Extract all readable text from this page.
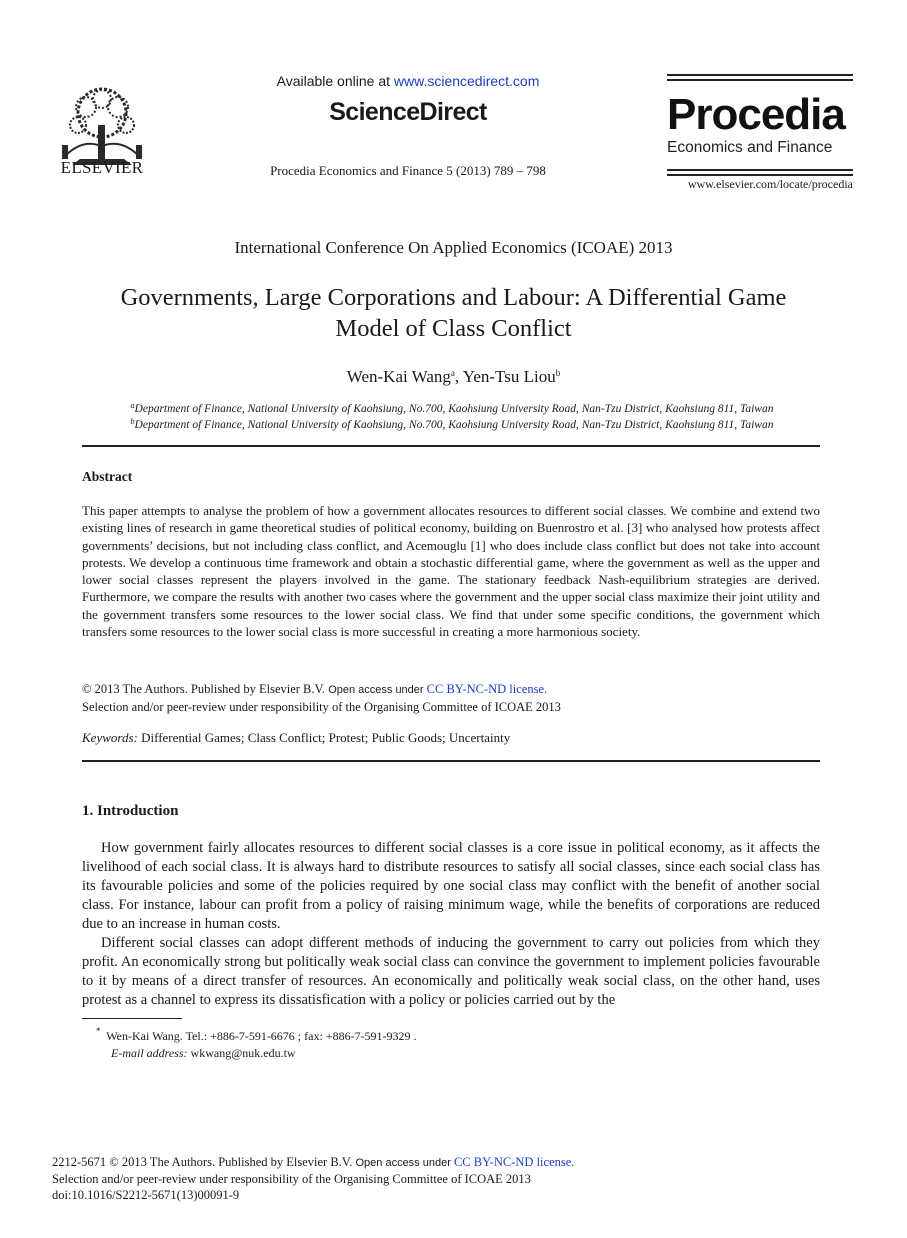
ELSEVIER
Available online at www.sciencedirect.com
ScienceDirect
Procedia Economics and Finance 5 (2013) 789 – 798
Procedia
Economics and Finance
www.elsevier.com/locate/procedia
International Conference On Applied Economics (ICOAE) 2013
Governments, Large Corporations and Labour: A Differential Game
Model of Class Conflict
Wen-Kai Wang$^a$, Yen-Tsu Liou$^b$
$^a$Department of Finance, National University of Kaohsiung, No.700, Kaohsiung University Road, Nan-Tzu District, Kaohsiung 811, Taiwan
$^b$Department of Finance, National University of Kaohsiung, No.700, Kaohsiung University Road, Nan-Tzu District, Kaohsiung 811, Taiwan
Abstract
This paper attempts to analyse the problem of how a government allocates resources to different social classes. We combine and extend two existing lines of research in game theoretical studies of political economy, building on Buenrostro et al. [3] who analysed how protests affect governments’ decisions, but not including class conflict, and Acemouglu [1] who does include class conflict but does not take into account protests. We develop a continuous time framework and obtain a stochastic differential game, where the government as well as the upper and lower social classes represent the players involved in the game. The stationary feedback Nash-equilibrium strategies are derived. Furthermore, we compare the results with another two cases where the government and the upper social class maximize their joint utility and the government transfers some resources to the lower social class. We find that under some specific conditions, the government which transfers some resources to the lower social class is more successful in creating a more harmonious society.
© 2013 The Authors. Published by Elsevier B.V. Open access under CC BY-NC-ND license.
Selection and/or peer-review under responsibility of the Organising Committee of ICOAE 2013
Keywords: Differential Games; Class Conflict; Protest; Public Goods; Uncertainty
1. Introduction

How government fairly allocates resources to different social classes is a core issue in political economy, as it affects the livelihood of each social class. It is always hard to distribute resources to satisfy all social classes, since each social class has its favourable policies and some of the policies required by one social class may conflict with the benefit of another social class. For instance, labour can profit from a policy of raising minimum wage, while the benefits of corporations are reduced due to an increase in human costs.

Different social classes can adopt different methods of inducing the government to carry out policies from which they profit. An economically strong but politically weak social class can convince the government to implement policies favourable to it by means of a direct transfer of resources. An economically and politically weak social class, on the other hand, uses protest as a channel to express its dissatisfication with a policy or policies carried out by the

* Wen-Kai Wang. Tel.: +886-7-591-6676 ; fax: +886-7-591-9329 .
E-mail address: wkwang@nuk.edu.tw
2212-5671 © 2013 The Authors. Published by Elsevier B.V. Open access under CC BY-NC-ND license.
Selection and/or peer-review under responsibility of the Organising Committee of ICOAE 2013
doi:10.1016/S2212-5671(13)00091-9
